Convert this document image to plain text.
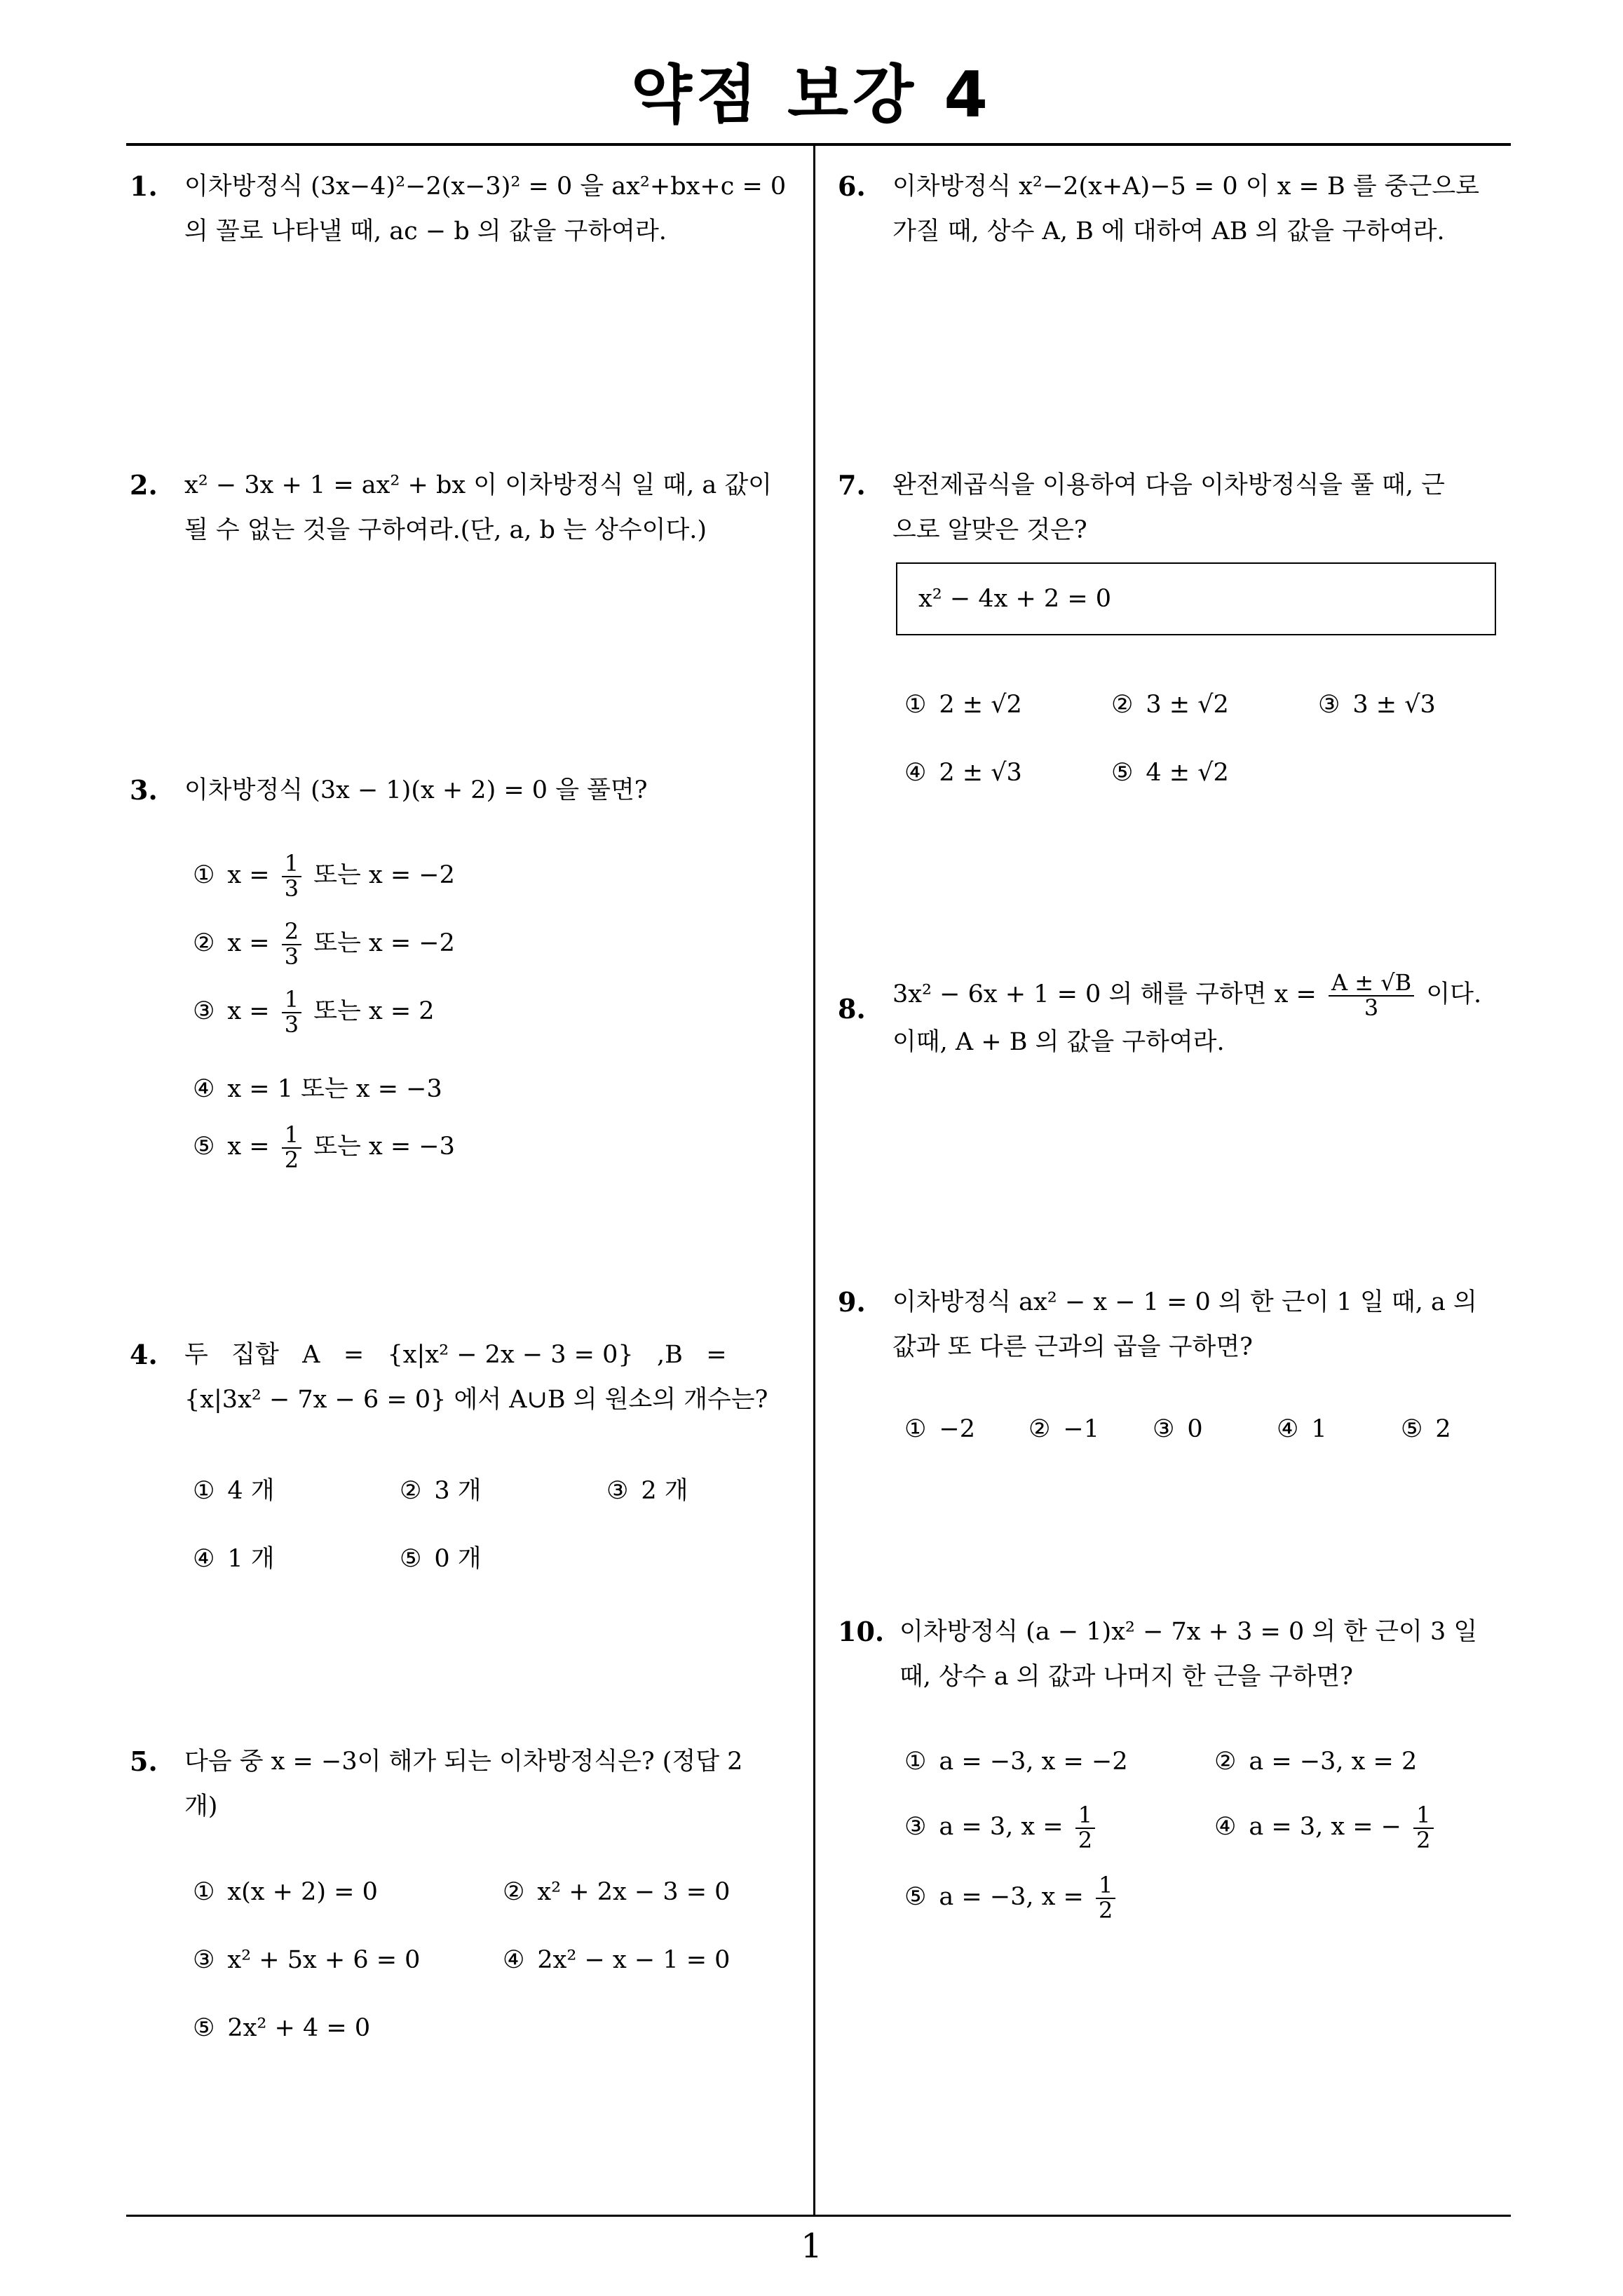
약점 보강 4
1
1. 이차방정식 (3x−4)²−2(x−3)² = 0 을 ax²+bx+c = 0
의 꼴로 나타낼 때, ac − b 의 값을 구하여라.
2. x² − 3x + 1 = ax² + bx 이 이차방정식 일 때, a 값이
될 수 없는 것을 구하여라.(단, a, b 는 상수이다.)
3. 이차방정식 (3x − 1)(x + 2) = 0 을 풀면?
① $x = \frac{1}{3}$ 또는 x = −2
② $x = \frac{2}{3}$ 또는 x = −2
③ $x = \frac{1}{3}$ 또는 x = 2
④ x = 1 또는 x = −3
⑤ $x = \frac{1}{2}$ 또는 x = −3
4. 두   집합   A   =   {x|x² − 2x − 3 = 0}   ,B   =
{x|3x² − 7x − 6 = 0} 에서 A∪B 의 원소의 개수는?
① 4 개	② 3 개	③ 2 개
④ 1 개	⑤ 0 개
5. 다음 중 x = −3이 해가 되는 이차방정식은? (정답 2
개)
① x(x + 2) = 0	② x² + 2x − 3 = 0
③ x² + 5x + 6 = 0	④ 2x² − x − 1 = 0
⑤ 2x² + 4 = 0
6. 이차방정식 x²−2(x+A)−5 = 0 이 x = B 를 중근으로
가질 때, 상수 A, B 에 대하여 AB 의 값을 구하여라.
7. 완전제곱식을 이용하여 다음 이차방정식을 풀 때, 근
으로 알맞은 것은?
x² − 4x + 2 = 0
① 2 ± √2	② 3 ± √2	③ 3 ± √3
④ 2 ± √3	⑤ 4 ± √2
8. 3x² − 6x + 1 = 0 의 해를 구하면 $x = \frac{A \pm √B}{3}$ 이다.
이때, A + B 의 값을 구하여라.
9. 이차방정식 ax² − x − 1 = 0 의 한 근이 1 일 때, a 의
값과 또 다른 근과의 곱을 구하면?
① −2 ② −1 ③ 0	④ 1	⑤ 2
10. 이차방정식 (a − 1)x² − 7x + 3 = 0 의 한 근이 3 일
때, 상수 a 의 값과 나머지 한 근을 구하면?
① a = −3, x = −2	② a = −3, x = 2
③ a = 3, $x = \frac{1}{2}$	④ a = 3, x = − $\frac{1}{2}$
⑤ a = −3, $x = \frac{1}{2}$
